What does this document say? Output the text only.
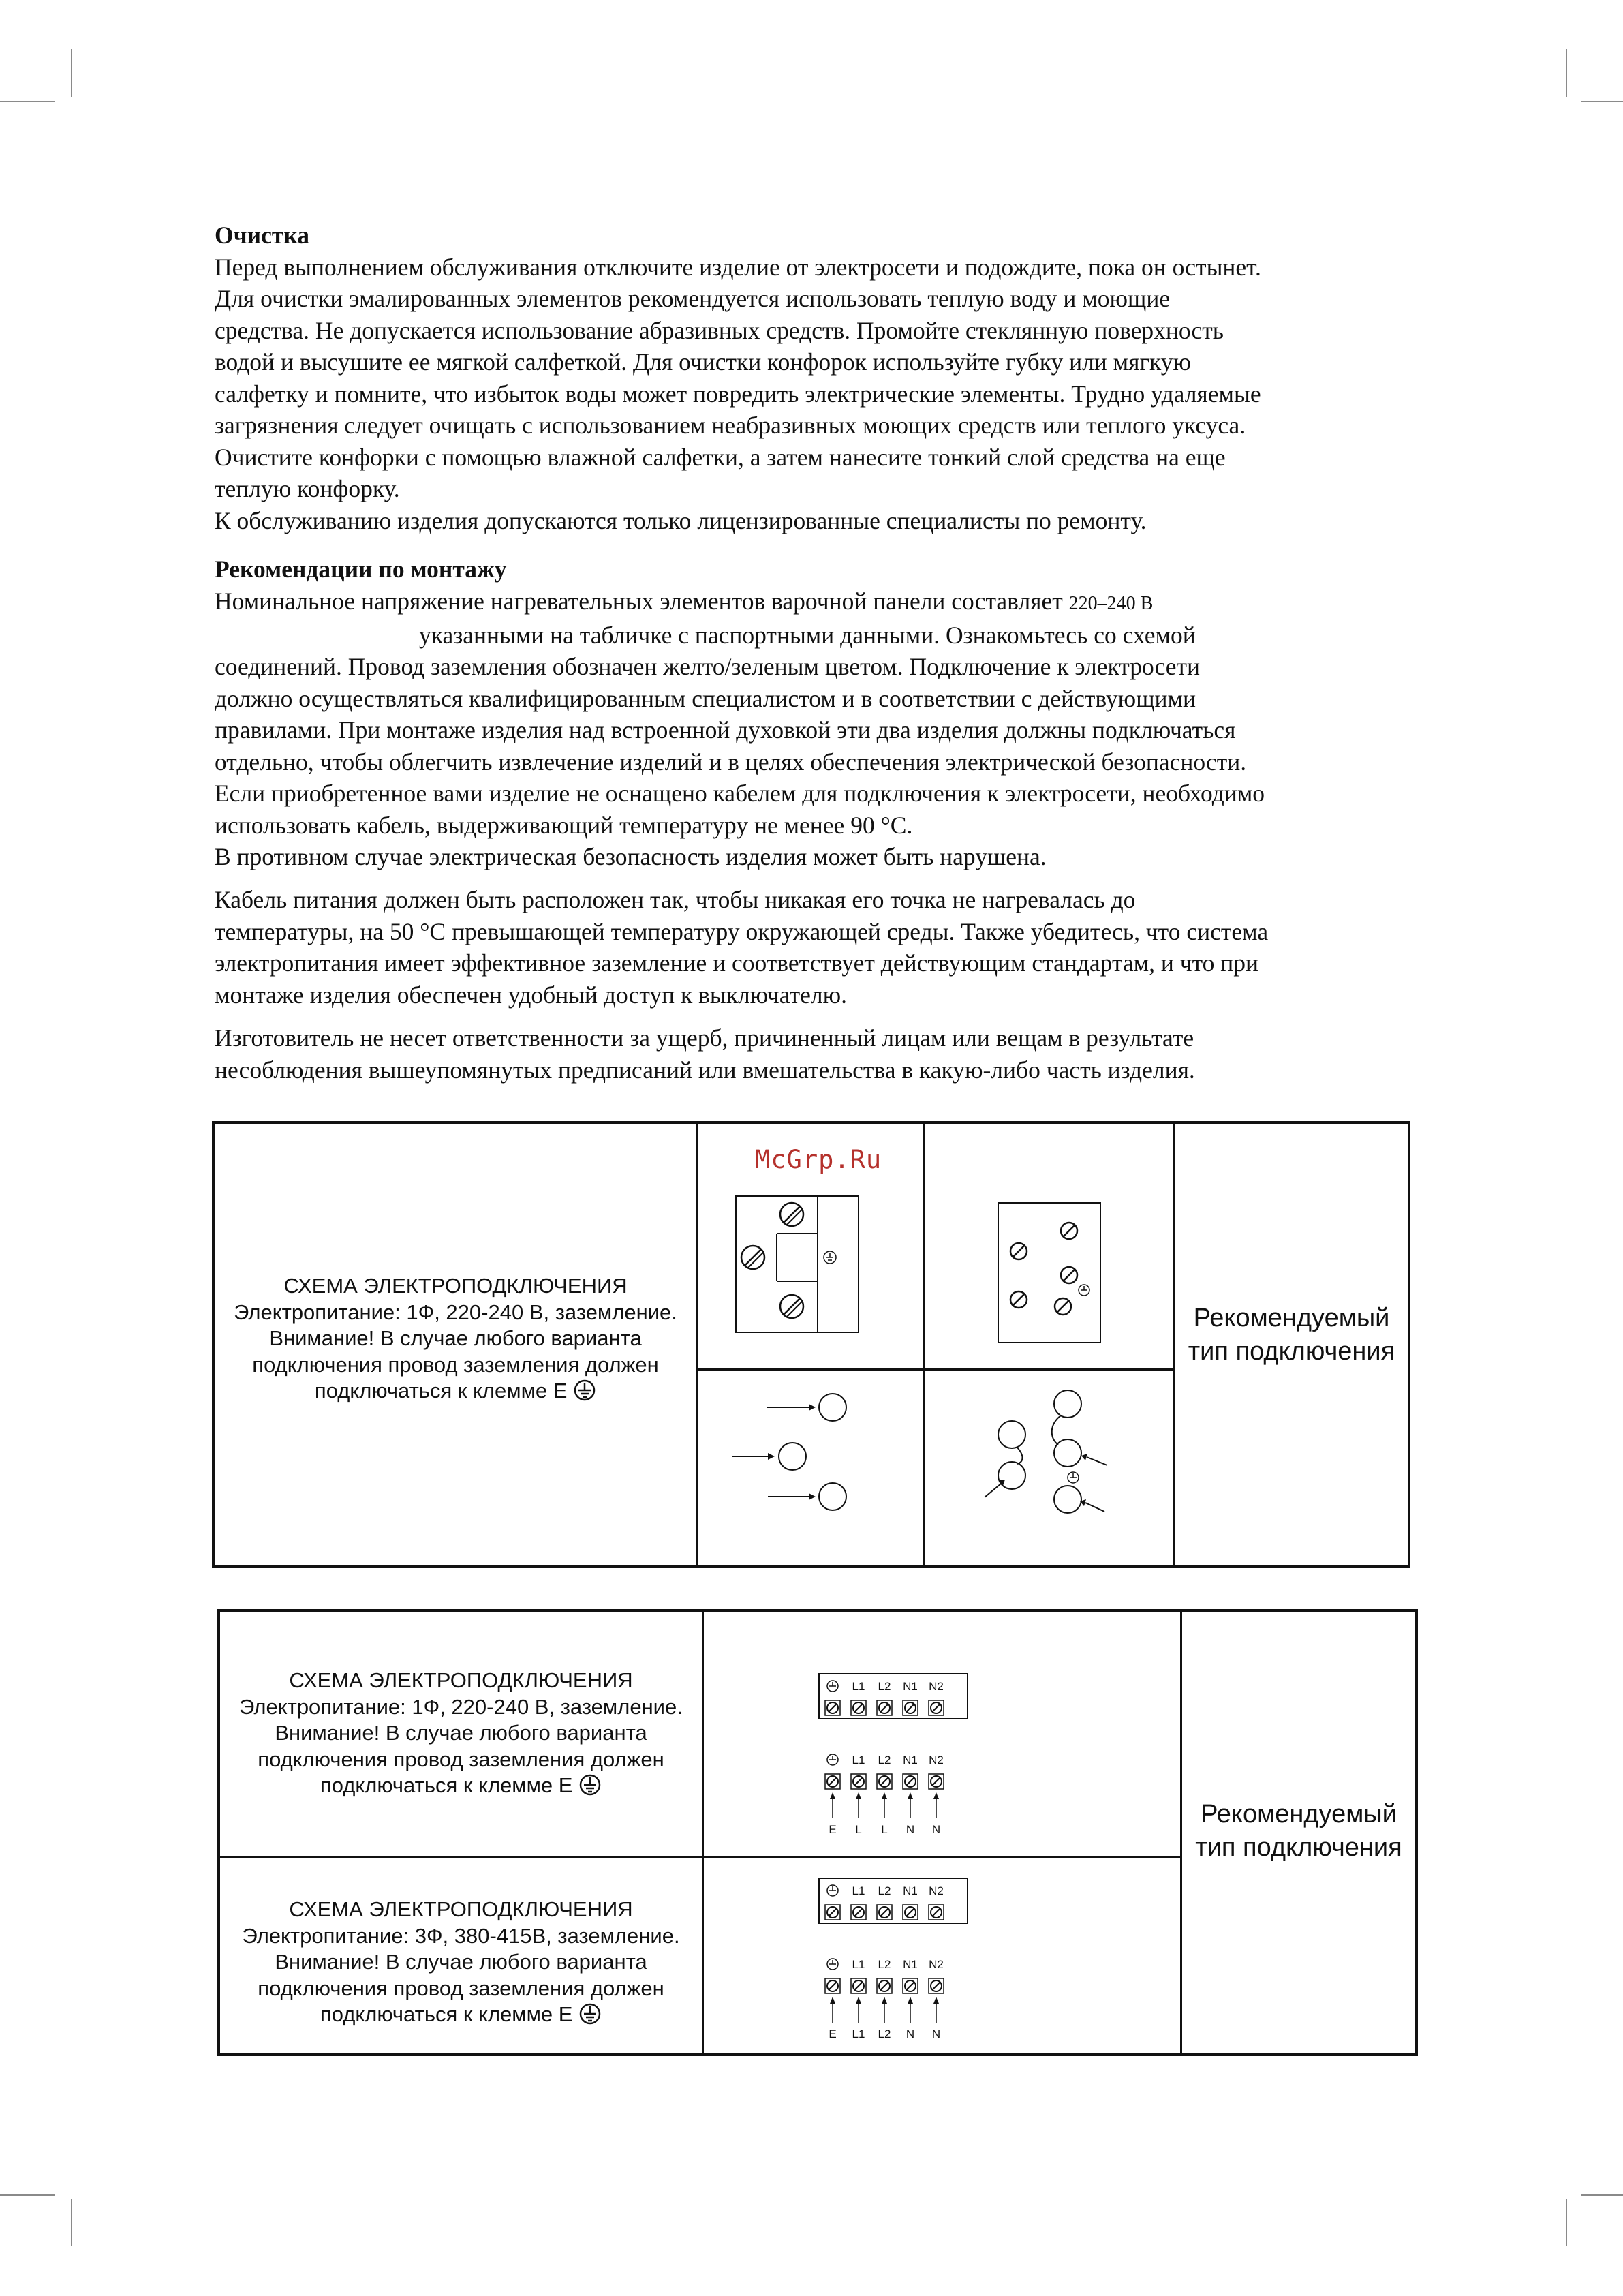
Очистка

Перед выполнением обслуживания отключите изделие от электросети и подождите, пока он остынет.

Для очистки эмалированных элементов рекомендуется использовать теплую воду и моющие

средства. Не допускается использование абразивных средств. Промойте стеклянную поверхность

водой и высушите ее мягкой салфеткой. Для очистки конфорок используйте губку или мягкую

салфетку и помните, что избыток воды может повредить электрические элементы. Трудно удаляемые

загрязнения следует очищать с использованием неабразивных моющих средств или теплого уксуса.

Очистите конфорки с помощью влажной салфетки, а затем нанесите тонкий слой средства на еще

теплую конфорку.

К обслуживанию изделия допускаются только лицензированные специалисты по ремонту.

Рекомендации по монтажу

Номинальное напряжение нагревательных элементов варочной панели составляет 220–240 В

указанными на табличке с паспортными данными. Ознакомьтесь со схемой

соединений. Провод заземления обозначен желто/зеленым цветом. Подключение к электросети

должно осуществляться квалифицированным специалистом и в соответствии с действующими

правилами. При монтаже изделия над встроенной духовкой эти два изделия должны подключаться

отдельно, чтобы облегчить извлечение изделий и в целях обеспечения электрической безопасности.

Если приобретенное вами изделие не оснащено кабелем для подключения к электросети, необходимо

использовать кабель, выдерживающий температуру не менее 90 °С.

В противном случае электрическая безопасность изделия может быть нарушена.

Кабель питания должен быть расположен так, чтобы никакая его точка не нагревалась до

температуры, на 50 °С превышающей температуру окружающей среды. Также убедитесь, что система

электропитания имеет эффективное заземление и соответствует действующим стандартам, и что при

монтаже изделия обеспечен удобный доступ к выключателю.

Изготовитель не несет ответственности за ущерб, причиненный лицам или вещам в результате

несоблюдения вышеупомянутых предписаний или вмешательства в какую-либо часть изделия.

СХЕМА ЭЛЕКТРОПОДКЛЮЧЕНИЯ
Электропитание: 1Ф, 220-240 В, заземление.
Внимание! В случае любого варианта
подключения провод заземления должен
подключаться к клемме Е
McGrp.Ru
Рекомендуемый
тип подключения
СХЕМА ЭЛЕКТРОПОДКЛЮЧЕНИЯ
Электропитание: 1Ф, 220-240 В, заземление.
Внимание! В случае любого варианта
подключения провод заземления должен
подключаться к клемме Е
СХЕМА ЭЛЕКТРОПОДКЛЮЧЕНИЯ
Электропитание: 3Ф, 380-415В, заземление.
Внимание! В случае любого варианта
подключения провод заземления должен
подключаться к клемме Е
Рекомендуемый
тип подключения
L1 L2 N1 N2
L1 L2 N1 N2
E L L N N
L1 L2 N1 N2
L1 L2 N1 N2
E L1 L2 N N
